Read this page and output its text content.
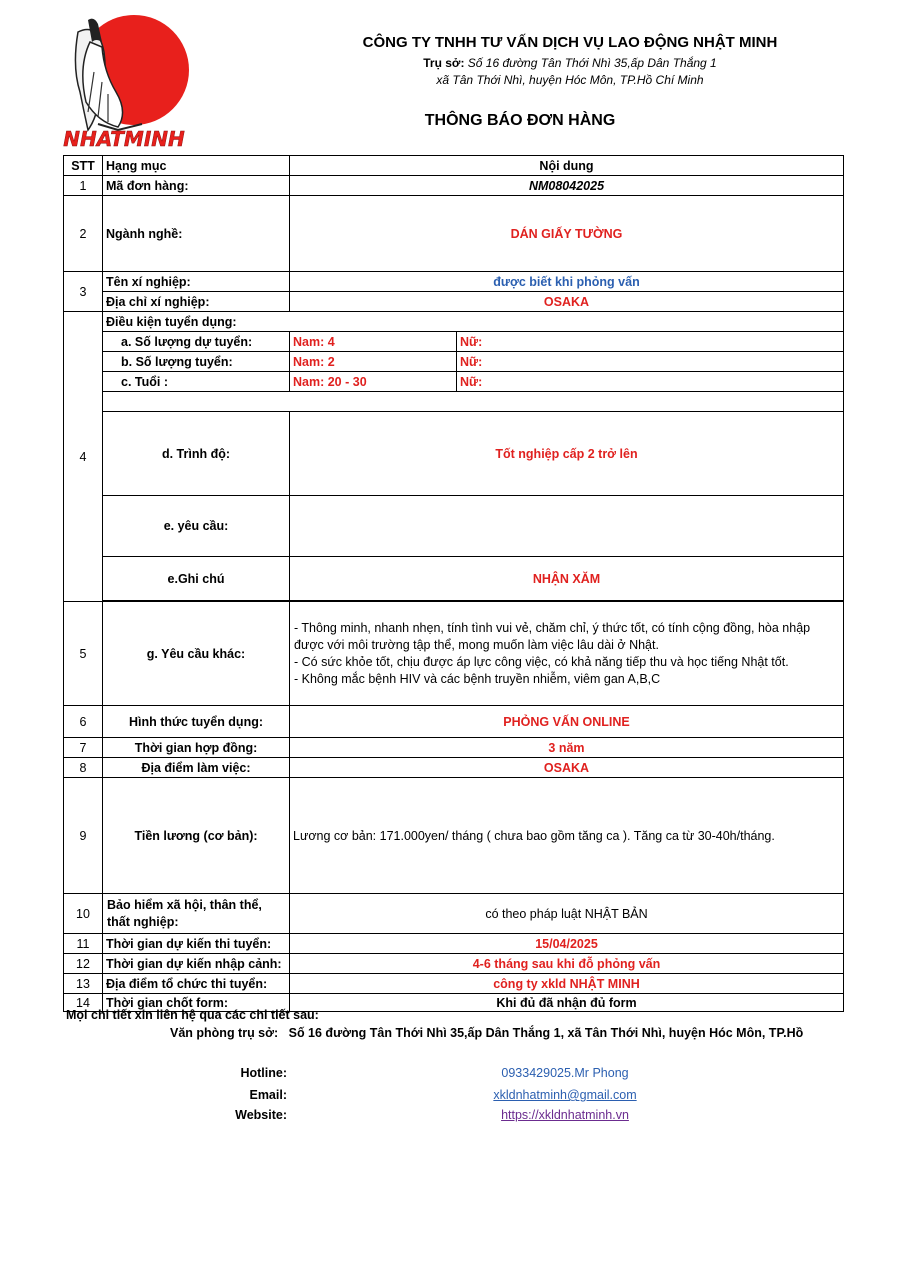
NHATMINH
CÔNG TY TNHH TƯ VẤN DỊCH VỤ LAO ĐỘNG NHẬT MINH
Trụ sở: Số 16 đường Tân Thới Nhì 35,ấp Dân Thắng 1
xã Tân Thới Nhì, huyện Hóc Môn, TP.Hồ Chí Minh
THÔNG BÁO ĐƠN HÀNG
STT	Hạng mục	Nội dung	
1	Mã đơn hàng:	NM08042025	
2	Ngành nghề:	DÁN GIẤY TƯỜNG	
3	Tên xí nghiệp:	được biết khi phỏng vấn	
	Địa chỉ xí nghiệp:	OSAKA	
4	Điều kiện tuyển dụng:		
	a. Số lượng dự tuyển:	Nam: 4	Nữ:
	b. Số lượng tuyển:	Nam: 2	Nữ:
	c. Tuổi :	Nam: 20 - 30	Nữ:

	d. Trình độ:	Tốt nghiệp cấp 2 trở lên	
	e. yêu cầu:		
	e.Ghi chú	NHẬN XĂM	

5	g. Yêu cầu khác:	- Thông minh, nhanh nhẹn, tính tình vui vẻ, chăm chỉ, ý thức tốt, có tính cộng đồng, hòa nhập được với môi trường tập thể, mong muốn làm việc lâu dài ở Nhật.
- Có sức khỏe tốt, chịu được áp lực công việc, có khả năng tiếp thu và học tiếng Nhật tốt.
- Không mắc bệnh HIV và các bệnh truyền nhiễm, viêm gan A,B,C	

6	Hình thức tuyển dụng:	PHỎNG VẤN ONLINE	
7	Thời gian hợp đồng:	3 năm	
8	Địa điểm làm việc:	OSAKA	
9	Tiền lương (cơ bản):	Lương cơ bản: 171.000yen/ tháng ( chưa bao gồm tăng ca ). Tăng ca từ 30-40h/tháng.	
10	Bảo hiểm xã hội, thân thể, thất nghiệp:	có theo pháp luật NHẬT BẢN	
11	Thời gian dự kiến thi tuyển:	15/04/2025	
12	Thời gian dự kiến nhập cảnh:	4-6 tháng sau khi đỗ phỏng vấn	
13	Địa điểm tổ chức thi tuyển:	công ty xkld NHẬT MINH	
14	Thời gian chốt form:	Khi đủ đã nhận đủ form	
Mọi chi tiết xin liên hệ qua các chi tiết sau:
Văn phòng trụ sở: Số 16 đường Tân Thới Nhì 35,ấp Dân Thắng 1, xã Tân Thới Nhì, huyện Hóc Môn, TP.Hồ
Hotline:	0933429025.Mr Phong
Email:	xkldnhatminh@gmail.com
Website:	https://xkldnhatminh.vn
